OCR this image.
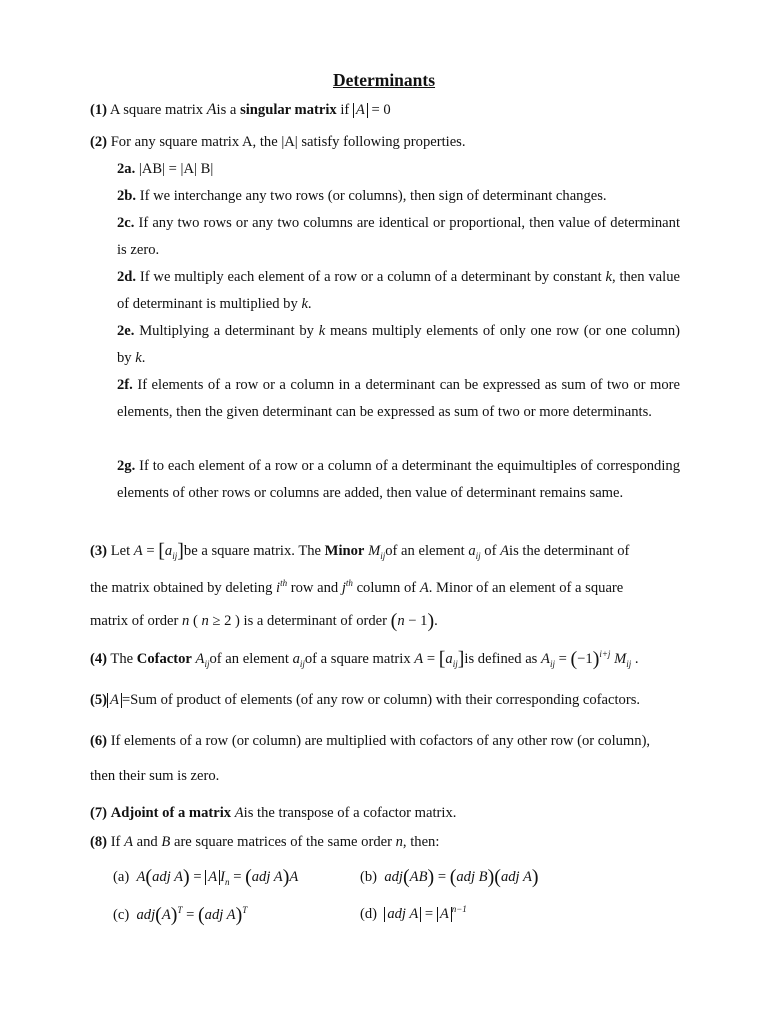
Determinants
(1) A square matrix Ais a singular matrix if A = 0
(2) For any square matrix A, the |A| satisfy following properties.
2a. |AB| = |A| B|
2b. If we interchange any two rows (or columns), then sign of determinant changes.
2c. If any two rows or any two columns are identical or proportional, then value of determinant is zero.
2d. If we multiply each element of a row or a column of a determinant by constant k, then value of determinant is multiplied by k.
2e. Multiplying a determinant by k means multiply elements of only one row (or one column) by k.
2f. If elements of a row or a column in a determinant can be expressed as sum of two or more elements, then the given determinant can be expressed as sum of two or more determinants.
2g. If to each element of a row or a column of a determinant the equimultiples of corresponding elements of other rows or columns are added, then value of determinant remains same.
(3) Let $A = [a_{ij}]be$ a square matrix. The Minor $M_{ij}of$ an element $a_{ij}$ of Ais the determinant of
the matrix obtained by deleting $i^{th}$ row and $j^{th}$ column of A. Minor of an element of a square
matrix of order n ( n ≥ 2 ) is a determinant of order (n − 1).
(4) The Cofactor $A_{ij}of$ an element $a_{ij}of$ a square matrix $A = [a_{ij}]is$ defined as $A_{ij} = (-1)^{i+j}$ $M_{ij}$ .
(5) A =Sum of product of elements (of any row or column) with their corresponding cofactors.
(6) If elements of a row (or column) are multiplied with cofactors of any other row (or column),
then their sum is zero.
(7) Adjoint of a matrix Ais the transpose of a cofactor matrix.
(8) If A and B are square matrices of the same order n, then:
(a) A(adj A) = A $I_n = (adj$ A)A	(b) adj(AB) = (adj B)(adj A)
(c) $adj(A)^T = (adj$ A)$^T$	(d) adj A = A $^{n-1}$
